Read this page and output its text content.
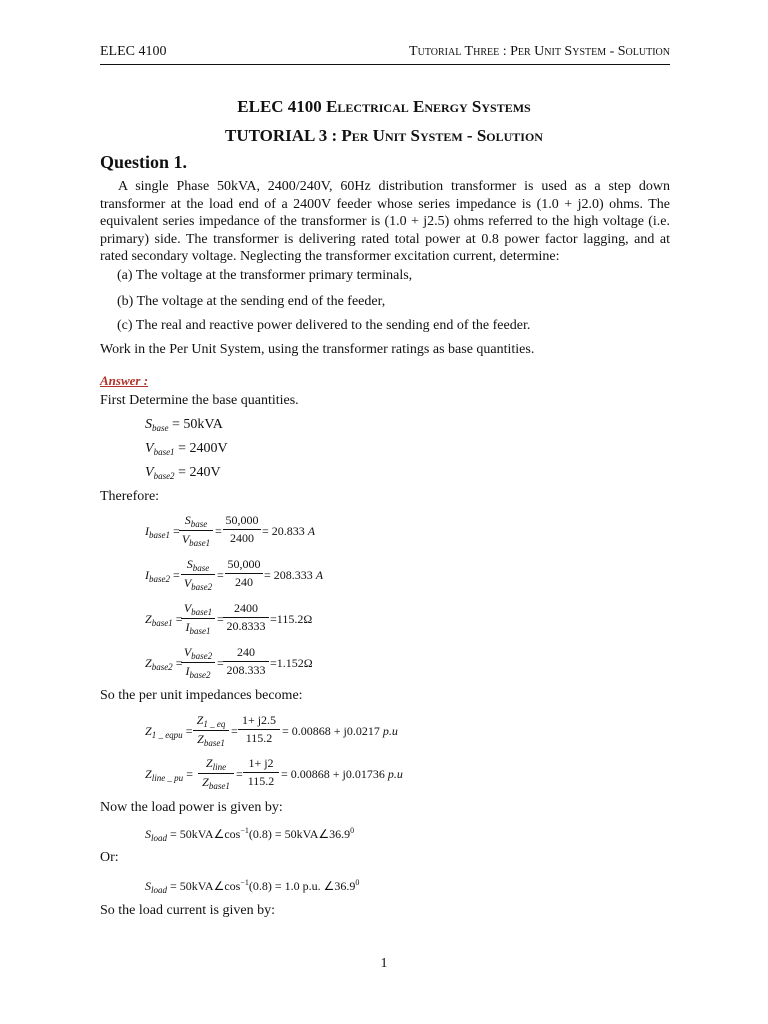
ELEC 4100	Tutorial Three : Per Unit System - Solution
ELEC 4100 Electrical Energy Systems
TUTORIAL 3 : Per Unit System - Solution
Question 1.
A single Phase 50kVA, 2400/240V, 60Hz distribution transformer is used as a step down transformer at the load end of a 2400V feeder whose series impedance is (1.0 + j2.0) ohms. The equivalent series impedance of the transformer is (1.0 + j2.5) ohms referred to the high voltage (i.e. primary) side. The transformer is delivering rated total power at 0.8 power factor lagging, and at rated secondary voltage. Neglecting the transformer excitation current, determine:
(a) The voltage at the transformer primary terminals,
(b) The voltage at the sending end of the feeder,
(c) The real and reactive power delivered to the sending end of the feeder.
Work in the Per Unit System, using the transformer ratings as base quantities.
Answer :
First Determine the base quantities.
$S_{base} = 50kVA$
$V_{base1} = 2400V$
$V_{base2} = 240V$
Therefore:
$I_{base1}$ =
$S_{base}$
$V_{base1}$
= $\frac{50,000}{2400} = 20.833$ A
$I_{base2}$ =
$S_{base}$
$V_{base2}$
= $\frac{50,000}{240} = 208.333$ A
$Z_{base1}$ =
$V_{base1}$
$I_{base1}$
= $\frac{2400}{20.8333} =115.2\Omega$
$Z_{base2}$ =
$V_{base2}$
$I_{base2}$
= $\frac{240}{208.333} =1.152\Omega$
So the per unit impedances become:
$Z_{1 \_ eqpu}$ =
$Z_{1 \_ eq}$
$Z_{base1}$
= $\frac{1+ j2.5}{115.2} = 0.00868 + j0.0217$ p.u
$Z_{line \_ pu}$ =
$Z_{line}$
$Z_{base1}$
= $\frac{1+ j2}{115.2} = 0.00868 + j0.01736$ p.u
Now the load power is given by:
$S_{load}$ = $50kVA\angle\cos^{-1}(0.8)$ = $50kVA\angle 36.9^0$
Or:
$S_{load}$ = $50kVA\angle\cos^{-1}(0.8) = 1.0$ p.u. ∠36.9$^0$
So the load current is given by:
1
